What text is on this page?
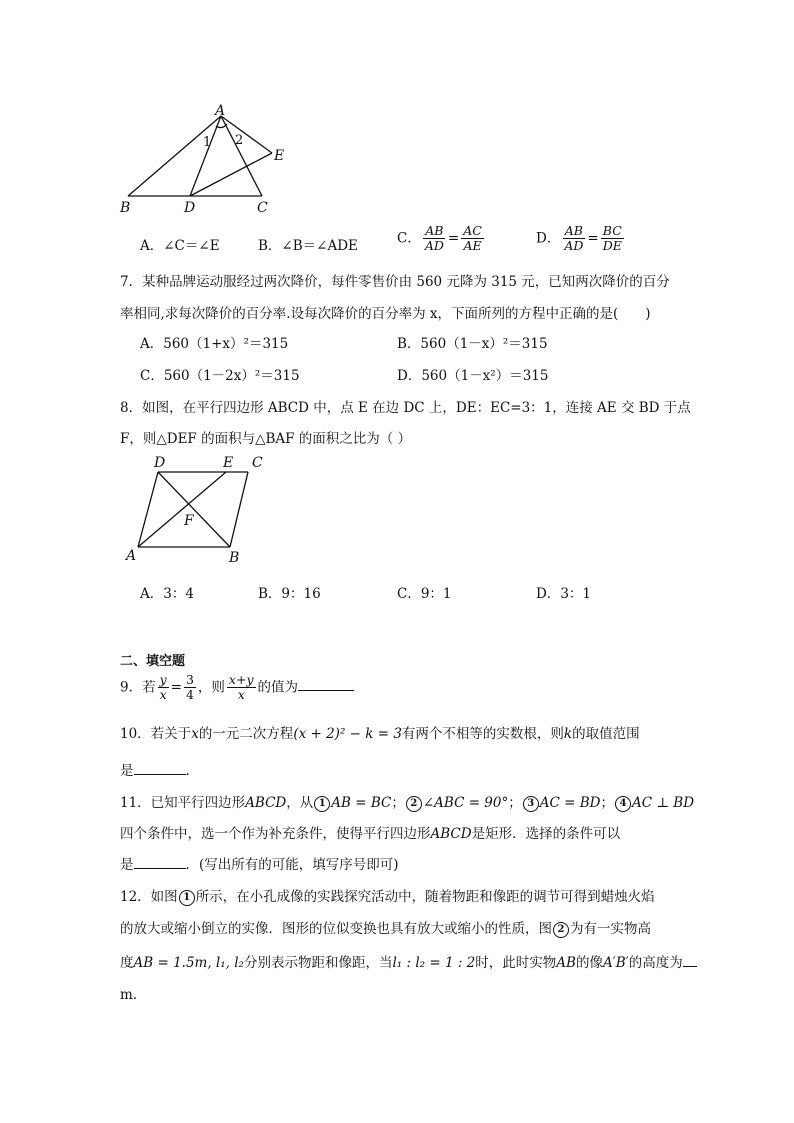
A
B	D	C
E
1 2
A．∠C＝∠E	B．∠B＝∠ADE	C． $\frac{AB}{AD} = \frac{AC}{AE}$	D． $\frac{AB}{AD} = \frac{BC}{DE}$
7．某种品牌运动服经过两次降价，每件零售价由 560 元降为 315 元，已知两次降价的百分
率相同,求每次降价的百分率.设每次降价的百分率为 x，下面所列的方程中正确的是(　　)
A．560（1+x）²＝315	B．560（1－x）²＝315
C．560（1－2x）²＝315	D．560（1－x²）＝315
8．如图，在平行四边形 ABCD 中，点 E 在边 DC 上，DE：EC=3：1，连接 AE 交 BD 于点
F，则△DEF 的面积与△BAF 的面积之比为（ ）
D	E C
F
A	B
A．3：4	B．9：16	C．9：1	D．3：1
二、填空题
9．若 $\frac{y}{x} = \frac{3}{4}$ ，则 $\frac{x+y}{x}$ 的值为
10．若关于x的一元二次方程(x + 2)² − k = 3有两个不相等的实数根，则k的取值范围
是	.
11．已知平行四边形ABCD，从 1 AB = BC； 2 ∠ABC = 90°； 3 AC = BD； 4 AC ⊥ BD
四个条件中，选一个作为补充条件，使得平行四边形ABCD是矩形．选择的条件可以
是	．(写出所有的可能，填写序号即可)
12．如图 1 所示，在小孔成像的实践探究活动中，随着物距和像距的调节可得到蜡烛火焰
的放大或缩小倒立的实像．图形的位似变换也具有放大或缩小的性质，图 2 为有一实物高
度AB = 1.5m, l₁, l₂分别表示物距和像距，当l₁ : l₂ = 1 : 2时，此时实物AB的像A′B′的高度为
m.
